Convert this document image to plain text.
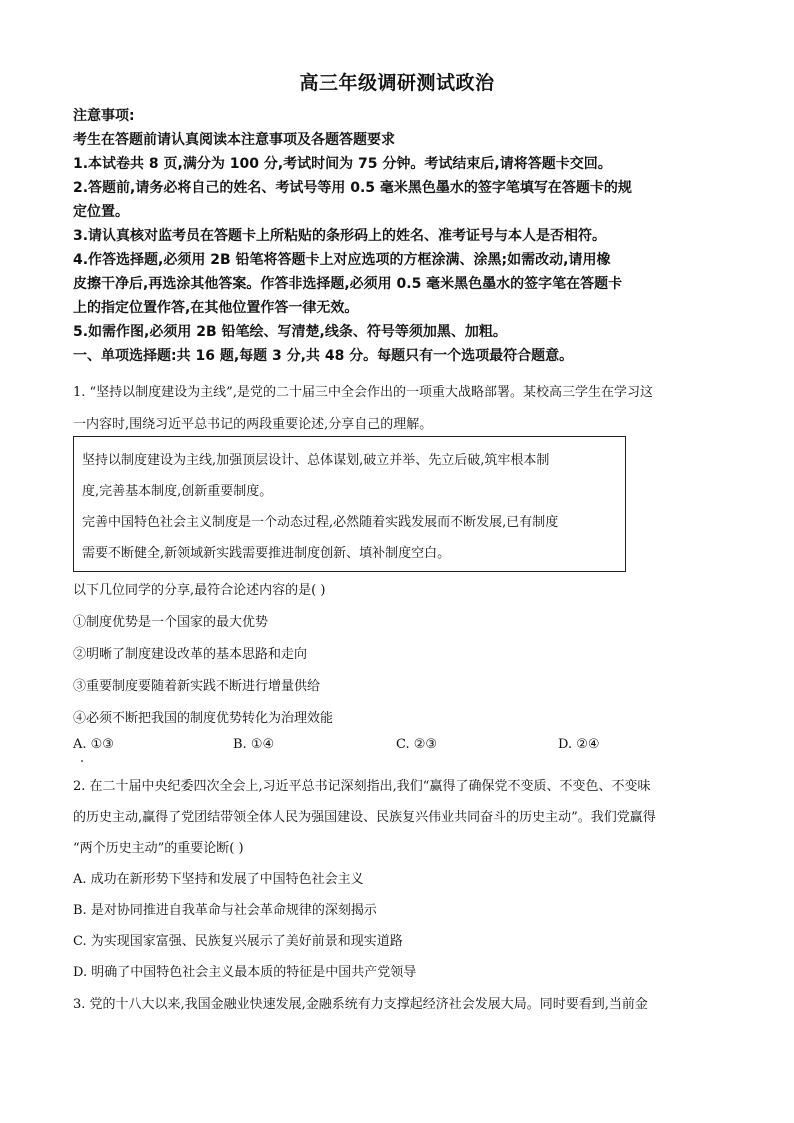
高三年级调研测试政治
注意事项:
考生在答题前请认真阅读本注意事项及各题答题要求
1.本试卷共 8 页,满分为 100 分,考试时间为 75 分钟。考试结束后,请将答题卡交回。
2.答题前,请务必将自己的姓名、考试号等用 0.5 毫米黑色墨水的签字笔填写在答题卡的规
定位置。
3.请认真核对监考员在答题卡上所粘贴的条形码上的姓名、准考证号与本人是否相符。
4.作答选择题,必须用 2B 铅笔将答题卡上对应选项的方框涂满、涂黑;如需改动,请用橡
皮擦干净后,再选涂其他答案。作答非选择题,必须用 0.5 毫米黑色墨水的签字笔在答题卡
上的指定位置作答,在其他位置作答一律无效。
5.如需作图,必须用 2B 铅笔绘、写清楚,线条、符号等须加黑、加粗。
一、单项选择题:共 16 题,每题 3 分,共 48 分。每题只有一个选项最符合题意。
1. “坚持以制度建设为主线”,是党的二十届三中全会作出的一项重大战略部署。某校高三学生在学习这
一内容时,围绕习近平总书记的两段重要论述,分享自己的理解。
坚持以制度建设为主线,加强顶层设计、总体谋划,破立并举、先立后破,筑牢根本制
度,完善基本制度,创新重要制度。
完善中国特色社会主义制度是一个动态过程,必然随着实践发展而不断发展,已有制度
需要不断健全,新领域新实践需要推进制度创新、填补制度空白。
以下几位同学的分享,最符合论述内容的是( )
①制度优势是一个国家的最大优势
②明晰了制度建设改革的基本思路和走向
③重要制度要随着新实践不断进行增量供给
④必须不断把我国的制度优势转化为治理效能
A. ①③	B. ①④	C. ②③	D. ②④
2. 在二十届中央纪委四次全会上,习近平总书记深刻指出,我们“赢得了确保党不变质、不变色、不变味
的历史主动,赢得了党团结带领全体人民为强国建设、民族复兴伟业共同奋斗的历史主动”。我们党赢得
“两个历史主动”的重要论断( )
A. 成功在新形势下坚持和发展了中国特色社会主义
B. 是对协同推进自我革命与社会革命规律的深刻揭示
C. 为实现国家富强、民族复兴展示了美好前景和现实道路
D. 明确了中国特色社会主义最本质的特征是中国共产党领导
3. 党的十八大以来,我国金融业快速发展,金融系统有力支撑起经济社会发展大局。同时要看到,当前金
